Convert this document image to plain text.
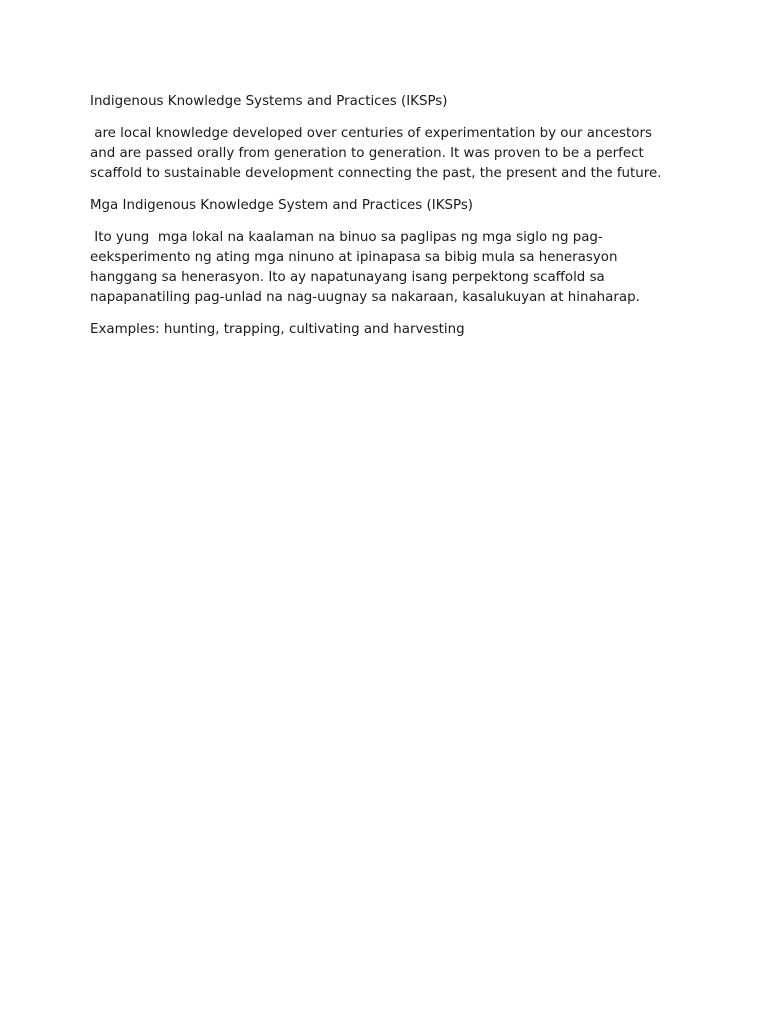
Indigenous Knowledge Systems and Practices (IKSPs)

are local knowledge developed over centuries of experimentation by our ancestors and are passed orally from generation to generation. It was proven to be a perfect scaffold to sustainable development connecting the past, the present and the future.

Mga Indigenous Knowledge System and Practices (IKSPs)

Ito yung  mga lokal na kaalaman na binuo sa paglipas ng mga siglo ng pag-eeksperimento ng ating mga ninuno at ipinapasa sa bibig mula sa henerasyon hanggang sa henerasyon. Ito ay napatunayang isang perpektong scaffold sa napapanatiling pag-unlad na nag-uugnay sa nakaraan, kasalukuyan at hinaharap.

Examples: hunting, trapping, cultivating and harvesting
